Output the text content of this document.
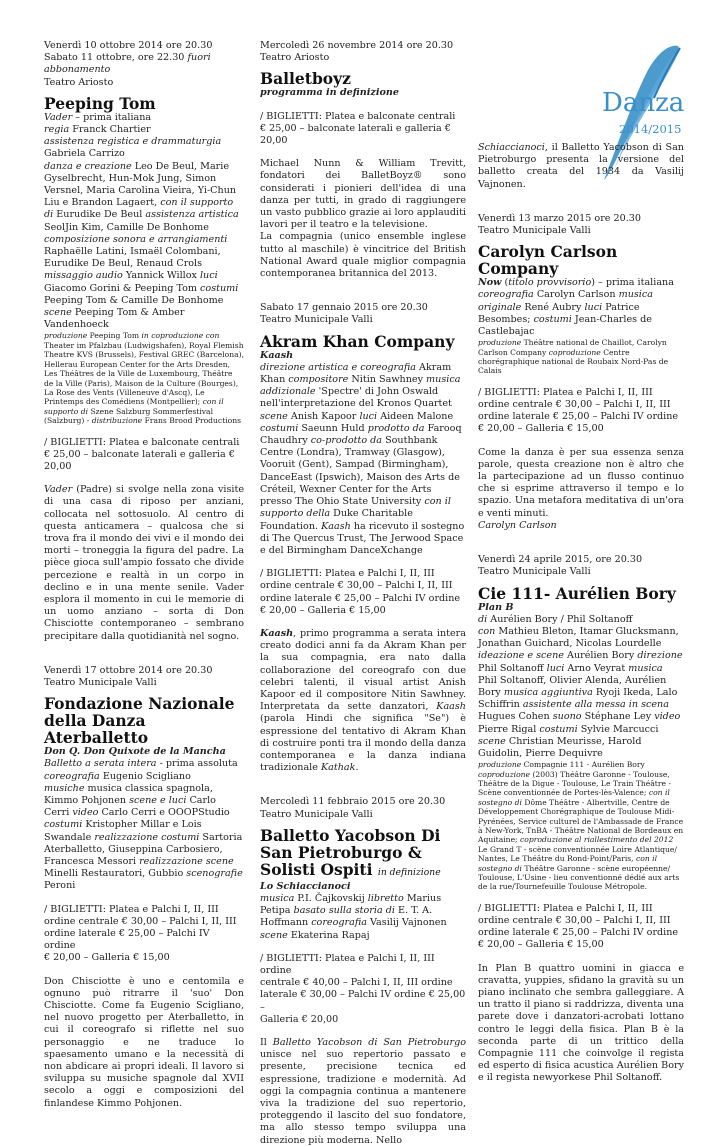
Danza
2014/2015

Venerdì 10 ottobre 2014 ore 20.30

Sabato 11 ottobre, ore 22.30 fuori abbonamento

Teatro Ariosto

Peeping Tom

Vader – prima italiana

regia Franck Chartier

assistenza registica e drammaturgia Gabriela Carrizo

danza e creazione Leo De Beul, Marie Gyselbrecht, Hun-Mok Jung, Simon Versnel, Maria Carolina Vieira, Yi-Chun Liu e Brandon Lagaert, con il supporto di Eurudike De Beul assistenza artistica SeolJin Kim, Camille De Bonhome composizione sonora e arrangiamenti Raphaëlle Latini, Ismaël Colombani, Eurudike De Beul, Renaud Crols missaggio audio Yannick Willox luci Giacomo Gorini & Peeping Tom costumi Peeping Tom & Camille De Bonhome scene Peeping Tom & Amber Vandenhoeck

produzione Peeping Tom in coproduzione con Theater im Pfalzbau (Ludwigshafen), Royal Flemish Theatre KVS (Brussels), Festival GREC (Barcelona), Hellerau European Center for the Arts Dresden, Les Théâtres de la Ville de Luxembourg, Théâtre de la Ville (Paris), Maison de la Culture (Bourges), La Rose des Vents (Villeneuve d'Ascq), Le Printemps des Comédiens (Montpellier); con il supporto di Szene Salzburg Sommerfestival (Salzburg) - distribuzione Frans Brood Productions

/ BIGLIETTI: Platea e balconate centrali

€ 25,00 – balconate laterali e galleria € 20,00

Vader (Padre) si svolge nella zona visite di una casa di riposo per anziani, collocata nel sottosuolo. Al centro di questa anticamera – qualcosa che si trova fra il mondo dei vivi e il mondo dei morti – troneggia la figura del padre. La pièce gioca sull'ampio fossato che divide percezione e realtà in un corpo in declino e in una mente senile. Vader esplora il momento in cui le memorie di un uomo anziano – sorta di Don Chisciotte contemporaneo – sembrano precipitare dalla quotidianità nel sogno.

Venerdì 17 ottobre 2014 ore 20.30

Teatro Municipale Valli

Fondazione Nazionale della Danza Aterballetto

Don Q. Don Quixote de la Mancha

Balletto a serata intera - prima assoluta
coreografia Eugenio Scigliano
musiche musica classica spagnola, Kimmo Pohjonen scene e luci Carlo Cerri video Carlo Cerri e OOOPStudio costumi Kristopher Millar e Lois Swandale realizzazione costumi Sartoria Aterballetto, Giuseppina Carbosiero, Francesca Messori realizzazione scene Minelli Restauratori, Gubbio scenografie Peroni

/ BIGLIETTI: Platea e Palchi I, II, III

ordine centrale € 30,00 – Palchi I, II, III

ordine laterale € 25,00 – Palchi IV ordine

€ 20,00 – Galleria € 15,00

Don Chisciotte è uno e centomila e ognuno può ritrarre il 'suo' Don Chisciotte. Come fa Eugenio Scigliano, nel nuovo progetto per Aterballetto, in cui il coreografo si riflette nel suo personaggio e ne traduce lo spaesamento umano e la necessità di non abdicare ai propri ideali. Il lavoro si sviluppa su musiche spagnole dal XVII secolo a oggi e composizioni del finlandese Kimmo Pohjonen.

Mercoledì 26 novembre 2014 ore 20.30

Teatro Ariosto

Balletboyz

programma in definizione

/ BIGLIETTI: Platea e balconate centrali

€ 25,00 – balconate laterali e galleria € 20,00

Michael Nunn & William Trevitt, fondatori dei BalletBoyz® sono considerati i pionieri dell'idea di una danza per tutti, in grado di raggiungere un vasto pubblico grazie ai loro applauditi lavori per il teatro e la televisione.
La compagnia (unico ensemble inglese tutto al maschile) è vincitrice del British National Award quale miglior compagnia contemporanea britannica del 2013.

Sabato 17 gennaio 2015 ore 20.30

Teatro Municipale Valli

Akram Khan Company

Kaash

direzione artistica e coreografia Akram Khan compositore Nitin Sawhney musica addizionale 'Spectre' di John Oswald nell'interpretazione del Kronos Quartet scene Anish Kapoor luci Aideen Malone costumi Saeunn Huld prodotto da Farooq Chaudhry co-prodotto da Southbank Centre (Londra), Tramway (Glasgow), Vooruit (Gent), Sampad (Birmingham), DanceEast (Ipswich), Maison des Arts de Créteil, Wexner Center for the Arts presso The Ohio State University con il supporto della Duke Charitable Foundation. Kaash ha ricevuto il sostegno di The Quercus Trust, The Jerwood Space e del Birmingham DanceXchange

/ BIGLIETTI: Platea e Palchi I, II, III

ordine centrale € 30,00 – Palchi I, II, III

ordine laterale € 25,00 – Palchi IV ordine

€ 20,00 – Galleria € 15,00

Kaash, primo programma a serata intera creato dodici anni fa da Akram Khan per la sua compagnia, era nato dalla collaborazione del coreografo con due celebri talenti, il visual artist Anish Kapoor ed il compositore Nitin Sawhney. Interpretata da sette danzatori, Kaash (parola Hindi che significa "Se") è espressione del tentativo di Akram Khan di costruire ponti tra il mondo della danza contemporanea e la danza indiana tradizionale Kathak.

Mercoledì 11 febbraio 2015 ore 20.30

Teatro Municipale Valli

Balletto Yacobson Di San Pietroburgo & Solisti Ospiti in definizione

Lo Schiaccianoci

musica P.I. Čajkovskij libretto Marius Petipa basato sulla storia di E. T. A. Hoffmann coreografia Vasilij Vajnonen scene Ekaterina Rapaj

/ BIGLIETTI: Platea e Palchi I, II, III ordine

centrale € 40,00 – Palchi I, II, III ordine

laterale € 30,00 – Palchi IV ordine € 25,00 –

Galleria € 20,00

Il Balletto Yacobson di San Pietroburgo unisce nel suo repertorio passato e presente, precisione tecnica ed espressione, tradizione e modernità. Ad oggi la compagnia continua a mantenere viva la tradizione del suo repertorio, proteggendo il lascito del suo fondatore, ma allo stesso tempo sviluppa una direzione più moderna. Nello

Schiaccianoci, il Balletto Yacobson di San Pietroburgo presenta la versione del balletto creata del 1934 da Vasilij Vajnonen.

Venerdì 13 marzo 2015 ore 20.30

Teatro Municipale Valli

Carolyn Carlson Company

Now (titolo provvisorio) – prima italiana
coreografia Carolyn Carlson musica originale René Aubry luci Patrice Besombes; costumi Jean-Charles de Castlebajac

produzione Théâtre national de Chaillot, Carolyn Carlson Company coproduzione Centre chorégraphique national de Roubaix Nord-Pas de Calais

/ BIGLIETTI: Platea e Palchi I, II, III

ordine centrale € 30,00 – Palchi I, II, III

ordine laterale € 25,00 – Palchi IV ordine

€ 20,00 – Galleria € 15,00

Come la danza è per sua essenza senza parole, questa creazione non è altro che la partecipazione ad un flusso continuo che si esprime attraverso il tempo e lo spazio. Una metafora meditativa di un'ora e venti minuti.
Carolyn Carlson

Venerdì 24 aprile 2015, ore 20.30

Teatro Municipale Valli

Cie 111- Aurélien Bory

Plan B

di Aurélien Bory / Phil Soltanoff
con Mathieu Bleton, Itamar Glucksmann, Jonathan Guichard, Nicolas Lourdelle ideazione e scene Aurélien Bory direzione Phil Soltanoff luci Arno Veyrat musica Phil Soltanoff, Olivier Alenda, Aurélien Bory musica aggiuntiva Ryoji Ikeda, Lalo Schiffrin assistente alla messa in scena Hugues Cohen suono Stéphane Ley video Pierre Rigal costumi Sylvie Marcucci scene Christian Meurisse, Harold Guidolin, Pierre Dequivre

produzione Compagnie 111 - Aurélien Bory coproduzione (2003) Théâtre Garonne - Toulouse, Théâtre de la Digue - Toulouse, Le Train Théâtre - Scène conventionnée de Portes-lès-Valence; con il sostegno di Dôme Théâtre - Albertville, Centre de Développement Chorégraphique de Toulouse Midi-Pyrénées, Service culturel de l'Ambassade de France à New-York, TnBA - Théâtre National de Bordeaux en Aquitaine; coproduzione al riallestimento del 2012 Le Grand T - scène conventionnée Loire Atlantique/ Nantes, Le Théâtre du Rond-Point/Paris, con il sostegno di Théâtre Garonne - scène européenne/ Toulouse, L'Usine - lieu conventionné dédié aux arts de la rue/Tournefeuille Toulouse Métropole.

/ BIGLIETTI: Platea e Palchi I, II, III

ordine centrale € 30,00 – Palchi I, II, III

ordine laterale € 25,00 – Palchi IV ordine

€ 20,00 – Galleria € 15,00

In Plan B quattro uomini in giacca e cravatta, yuppies, sfidano la gravità su un piano inclinato che sembra galleggiare. A un tratto il piano si raddrizza, diventa una parete dove i danzatori-acrobati lottano contro le leggi della fisica. Plan B è la seconda parte di un trittico della Compagnie 111 che coinvolge il regista ed esperto di fisica acustica Aurélien Bory e il regista newyorkese Phil Soltanoff.
